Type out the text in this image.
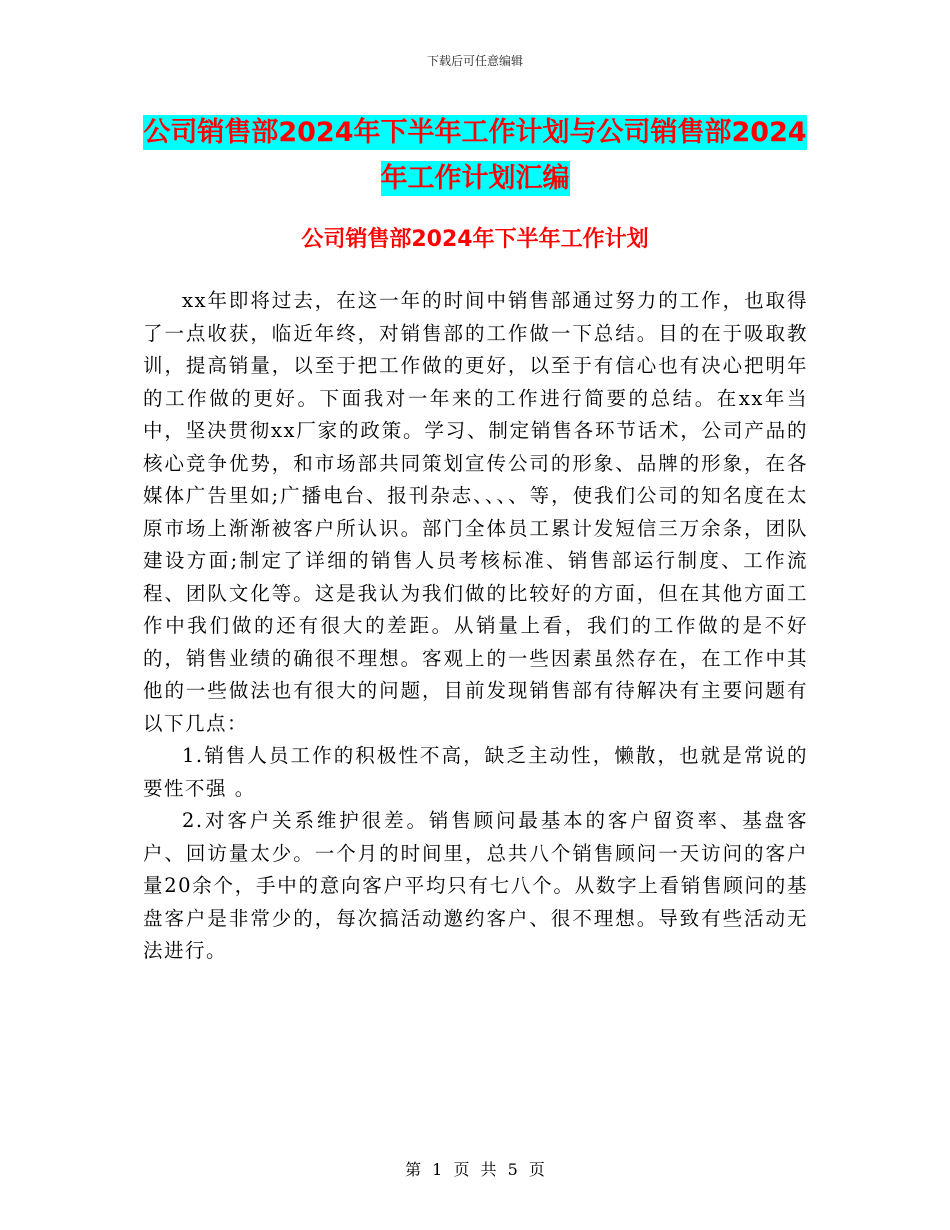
下载后可任意编辑
公司销售部2024年下半年工作计划与公司销售部2024
年工作计划汇编
公司销售部2024年下半年工作计划

xx年即将过去，在这一年的时间中销售部通过努力的工作，也取得了一点收获，临近年终，对销售部的工作做一下总结。目的在于吸取教训，提高销量，以至于把工作做的更好，以至于有信心也有决心把明年的工作做的更好。下面我对一年来的工作进行简要的总结。在xx年当中，坚决贯彻xx厂家的政策。学习、制定销售各环节话术，公司产品的核心竞争优势，和市场部共同策划宣传公司的形象、品牌的形象，在各媒体广告里如;广播电台、报刊杂志、、、、等，使我们公司的知名度在太原市场上渐渐被客户所认识。部门全体员工累计发短信三万余条，团队建设方面;制定了详细的销售人员考核标准、销售部运行制度、工作流程、团队文化等。这是我认为我们做的比较好的方面，但在其他方面工作中我们做的还有很大的差距。从销量上看，我们的工作做的是不好的，销售业绩的确很不理想。客观上的一些因素虽然存在，在工作中其他的一些做法也有很大的问题，目前发现销售部有待解决有主要问题有以下几点：

1.销售人员工作的积极性不高，缺乏主动性，懒散，也就是常说的要性不强 。

2.对客户关系维护很差。销售顾问最基本的客户留资率、基盘客户、回访量太少。一个月的时间里，总共八个销售顾问一天访问的客户量20余个，手中的意向客户平均只有七八个。从数字上看销售顾问的基盘客户是非常少的，每次搞活动邀约客户、很不理想。导致有些活动无法进行。

第 1 页 共 5 页
